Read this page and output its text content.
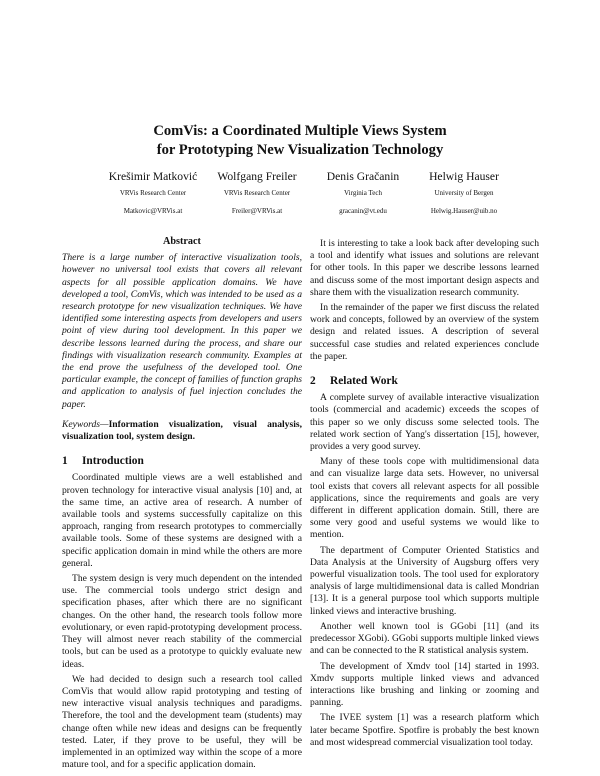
ComVis: a Coordinated Multiple Views System
for Prototyping New Visualization Technology
Krešimir Matković
VRVis Research Center
Matkovic@VRVis.at
Wolfgang Freiler
VRVis Research Center
Freiler@VRVis.at
Denis Gračanin
Virginia Tech
gracanin@vt.edu
Helwig Hauser
University of Bergen
Helwig.Hauser@uib.no
Abstract

There is a large number of interactive visualization tools, however no universal tool exists that covers all relevant aspects for all possible application domains. We have developed a tool, ComVis, which was intended to be used as a research prototype for new visualization techniques. We have identified some interesting aspects from developers and users point of view during tool development. In this paper we describe lessons learned during the process, and share our findings with visualization research community. Examples at the end prove the usefulness of the developed tool. One particular example, the concept of families of function graphs and application to analysis of fuel injection concludes the paper.

Keywords—Information visualization, visual analysis, visualization tool, system design.

1 Introduction

Coordinated multiple views are a well established and proven technology for interactive visual analysis [10] and, at the same time, an active area of research. A number of available tools and systems successfully capitalize on this approach, ranging from research prototypes to commercially available tools. Some of these systems are designed with a specific application domain in mind while the others are more general.

The system design is very much dependent on the intended use. The commercial tools undergo strict design and specification phases, after which there are no significant changes. On the other hand, the research tools follow more evolutionary, or even rapid-prototyping development process. They will almost never reach stability of the commercial tools, but can be used as a prototype to quickly evaluate new ideas.

We had decided to design such a research tool called ComVis that would allow rapid prototyping and testing of new interactive visual analysis techniques and paradigms. Therefore, the tool and the development team (students) may change often while new ideas and designs can be frequently tested. Later, if they prove to be useful, they will be implemented in an optimized way within the scope of a more mature tool, and for a specific application domain.

It is interesting to take a look back after developing such a tool and identify what issues and solutions are relevant for other tools. In this paper we describe lessons learned and discuss some of the most important design aspects and share them with the visualization research community.

In the remainder of the paper we first discuss the related work and concepts, followed by an overview of the system design and related issues. A description of several successful case studies and related experiences conclude the paper.

2 Related Work

A complete survey of available interactive visualization tools (commercial and academic) exceeds the scopes of this paper so we only discuss some selected tools. The related work section of Yang's dissertation [15], however, provides a very good survey.

Many of these tools cope with multidimensional data and can visualize large data sets. However, no universal tool exists that covers all relevant aspects for all possible applications, since the requirements and goals are very different in different application domain. Still, there are some very good and useful systems we would like to mention.

The department of Computer Oriented Statistics and Data Analysis at the University of Augsburg offers very powerful visualization tools. The tool used for exploratory analysis of large multidimensional data is called Mondrian [13]. It is a general purpose tool which supports multiple linked views and interactive brushing.

Another well known tool is GGobi [11] (and its predecessor XGobi). GGobi supports multiple linked views and can be connected to the R statistical analysis system.

The development of Xmdv tool [14] started in 1993. Xmdv supports multiple linked views and advanced interactions like brushing and linking or zooming and panning.

The IVEE system [1] was a research platform which later became Spotfire. Spotfire is probably the best known and most widespread commercial visualization tool today.
